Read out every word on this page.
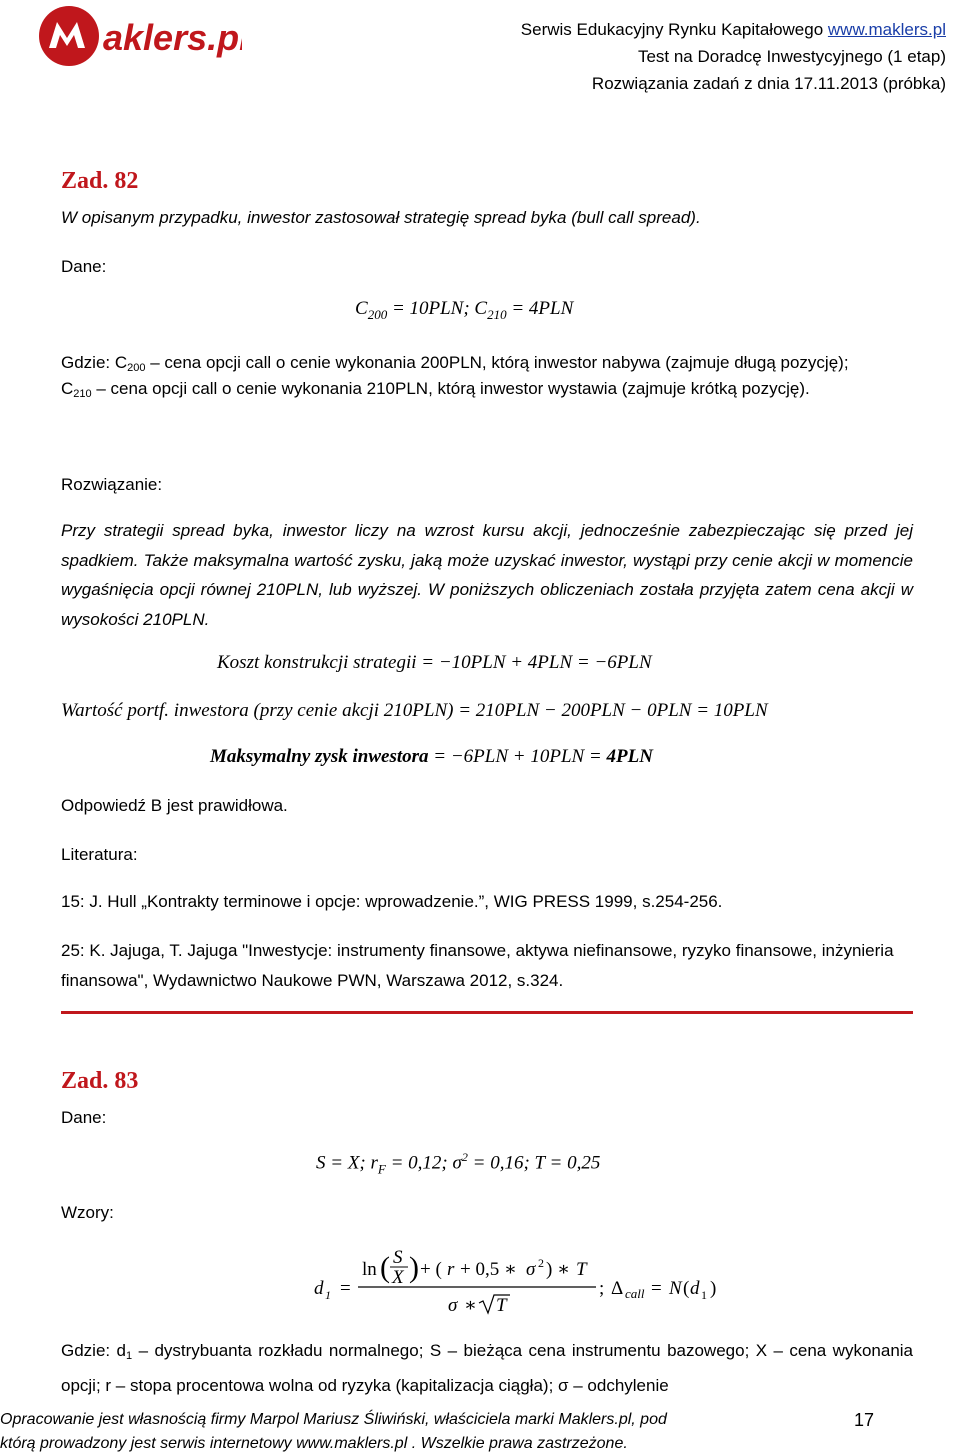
aklers.pl	Serwis Edukacyjny Rynku Kapitałowego www.maklers.pl
Test na Doradcę Inwestycyjnego (1 etap)
Rozwiązania zadań z dnia 17.11.2013 (próbka)
Zad. 82
W opisanym przypadku, inwestor zastosował strategię spread byka (bull call spread).
Dane:
$C_{200} = 10PLN$; $C_{210} = 4PLN$
Gdzie: $C_{200}$ – cena opcji call o cenie wykonania 200PLN, którą inwestor nabywa (zajmuje długą pozycję);
$C_{210}$ – cena opcji call o cenie wykonania 210PLN, którą inwestor wystawia (zajmuje krótką pozycję).
Rozwiązanie:
Przy strategii spread byka, inwestor liczy na wzrost kursu akcji, jednocześnie zabezpieczając się przed jej spadkiem. Także maksymalna wartość zysku, jaką może uzyskać inwestor, wystąpi przy cenie akcji w momencie wygaśnięcia opcji równej 210PLN, lub wyższej. W poniższych obliczeniach została przyjęta zatem cena akcji w wysokości 210PLN.
Koszt konstrukcji strategii = −10PLN + 4PLN = −6PLN
Wartość portf. inwestora (przy cenie akcji 210PLN) = 210PLN − 200PLN − 0PLN = 10PLN
Maksymalny zysk inwestora = −6PLN + 10PLN = 4PLN
Odpowiedź B jest prawidłowa.
Literatura:
15: J. Hull „Kontrakty terminowe i opcje: wprowadzenie.”, WIG PRESS 1999, s.254-256.
25: K. Jajuga, T. Jajuga "Inwestycje: instrumenty finansowe, aktywa niefinansowe, ryzyko finansowe, inżynieria finansowa", Wydawnictwo Naukowe PWN, Warszawa 2012, s.324.
Zad. 83
Dane:
S = X; $r_F = 0,12$; $\sigma^2 = 0,16$; T = 0,25
Wzory:
d 1 =
ln ( S
X ) + ( r + 0,5 ∗ σ 2 ) ∗ T
σ ∗ T
; Δ call = N ( d 1 )
Gdzie: $d_1$ – dystrybuanta rozkładu normalnego; S – bieżąca cena instrumentu bazowego; X – cena wykonania opcji; r – stopa procentowa wolna od ryzyka (kapitalizacja ciągła); σ – odchylenie
Opracowanie jest własnością firmy Marpol Mariusz Śliwiński, właściciela marki Maklers.pl, pod
którą prowadzony jest serwis internetowy www.maklers.pl . Wszelkie prawa zastrzeżone.
17
